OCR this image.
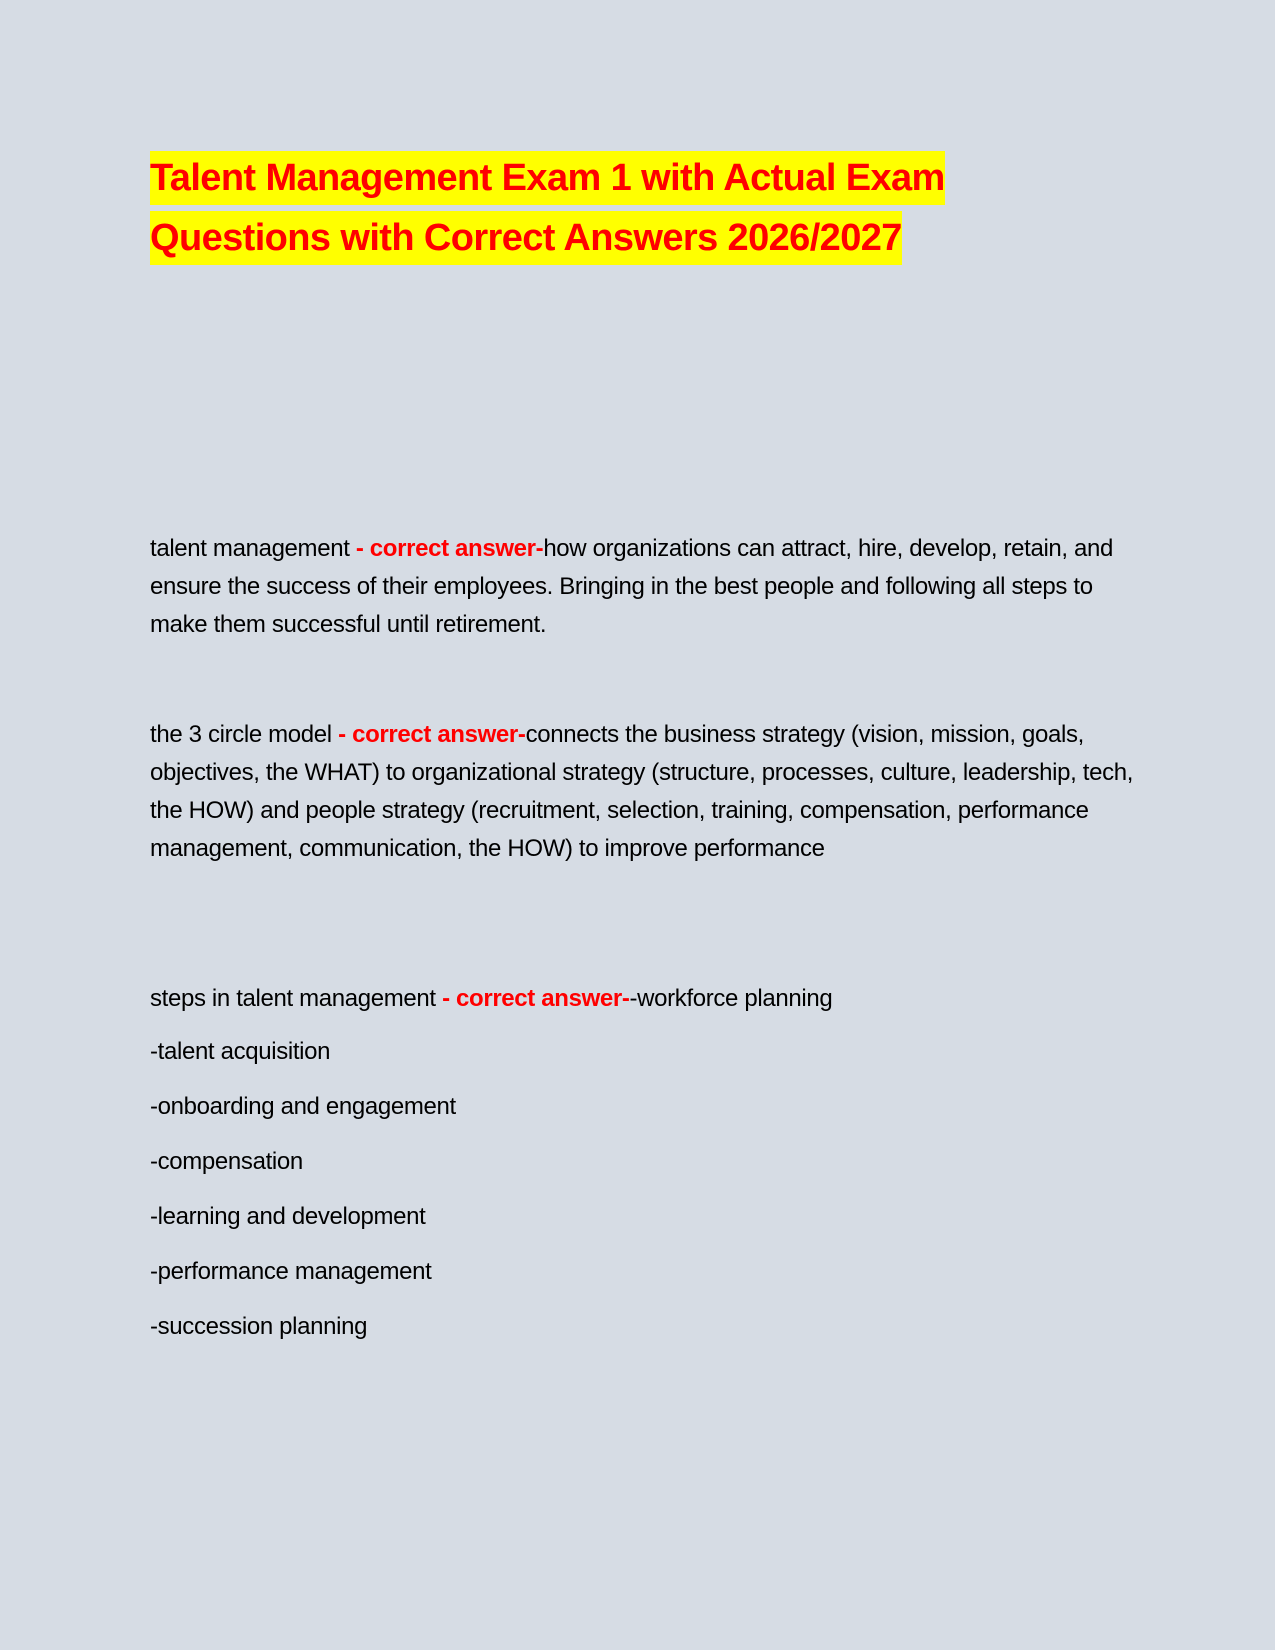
Talent Management Exam 1 with Actual Exam
Questions with Correct Answers 2026/2027

talent management - correct answer-how organizations can attract, hire, develop, retain, and ensure the success of their employees. Bringing in the best people and following all steps to make them successful until retirement.

the 3 circle model - correct answer-connects the business strategy (vision, mission, goals, objectives, the WHAT) to organizational strategy (structure, processes, culture, leadership, tech, the HOW) and people strategy (recruitment, selection, training, compensation, performance management, communication, the HOW) to improve performance

steps in talent management - correct answer--workforce planning

-talent acquisition
-onboarding and engagement
-compensation
-learning and development
-performance management
-succession planning
